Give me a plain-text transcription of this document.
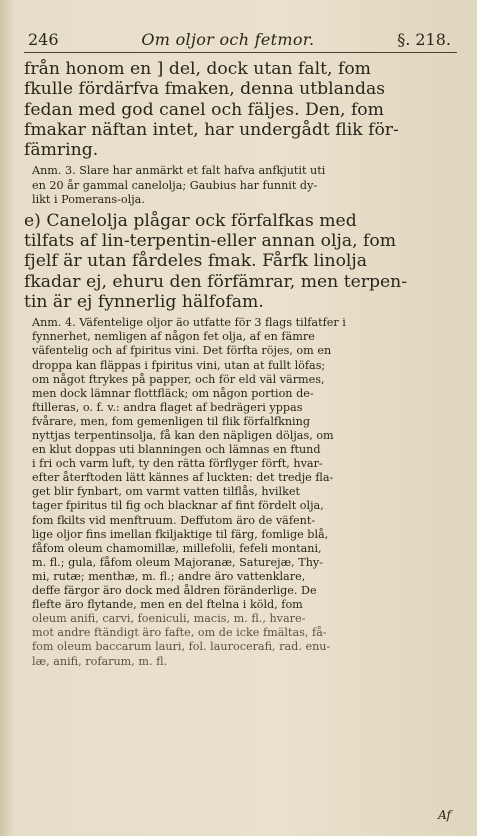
246	Om oljor och fetmor.	§. 218.
från honom en ] del, dock utan falt, fom
fkulle fördärfva fmaken, denna utblandas
fedan med god canel och fäljes. Den, fom
fmakar näftan intet, har undergådt flik för-
fämring.
Anm. 3. Slare har anmärkt et falt hafva anfkjutit uti
en 20 år gammal canelolja; Gaubius har funnit dy-
likt i Pomerans-olja.
e) Canelolja plågar ock förfalfkas med
tilfats af lin-terpentin-eller annan olja, fom
fjelf är utan fårdeles fmak. Fårfk linolja
fkadar ej, ehuru den förfämrar, men terpen-
tin är ej fynnerlig hälfofam.
Anm. 4. Väfentelige oljor äo utfatte för 3 flags tilfatfer i
fynnerhet, nemligen af någon fet olja, af en fämre
väfentelig och af fpiritus vini. Det förfta röjes, om en
droppa kan fläppas i fpiritus vini, utan at fullt löfas;
om något ftrykes på papper, och för eld väl värmes,
men dock lämnar flottfläck; om någon portion de-
ftilleras, o. f. v.: andra flaget af bedrägeri yppas
fvårare, men, fom gemenligen til flik förfalfkning
nyttjas terpentinsolja, få kan den näpligen döljas, om
en klut doppas uti blanningen och lämnas en ftund
i fri och varm luft, ty den rätta förflyger förft, hvar-
efter återftoden lätt kännes af luckten: det tredje fla-
get blir fynbart, om varmt vatten tilflås, hvilket
tager fpiritus til fig och blacknar af fint fördelt olja,
fom fkilts vid menftruum. Deffutom äro de väfent-
lige oljor fins imellan fkiljaktige til färg, fomlige blå,
fåfom oleum chamomillæ, millefolii, fefeli montani,
m. fl.; gula, fåfom oleum Majoranæ, Saturejæ, Thy-
mi, rutæ; menthæ, m. fl.; andre äro vattenklare,
deffe färgor äro dock med åldren föränderlige. De
flefte äro flytande, men en del ftelna i köld, fom
oleum anifi, carvi, foeniculi, macis, m. fl., hvare-
mot andre ftändigt äro fafte, om de icke fmältas, få-
fom oleum baccarum lauri, fol. laurocerafi, rad. enu-
læ, anifi, rofarum, m. fl.
Af
